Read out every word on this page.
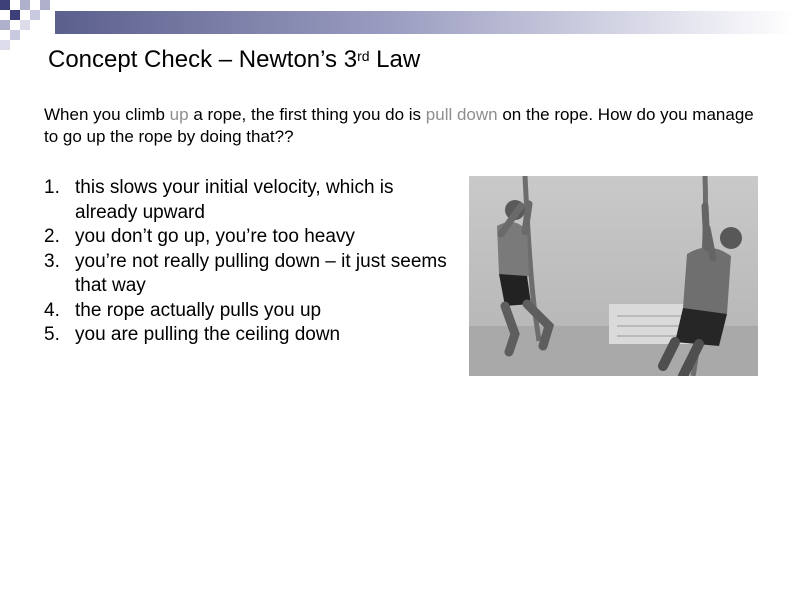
Concept Check – Newton’s 3rd Law
When you climb up a rope, the first thing you do is pull down on the rope. How do you manage to go up the rope by doing that??
1. this slows your initial velocity, which is already upward
2. you don’t go up, you’re too heavy
3. you’re not really pulling down – it just seems that way
4. the rope actually pulls you up
5. you are pulling the ceiling down
